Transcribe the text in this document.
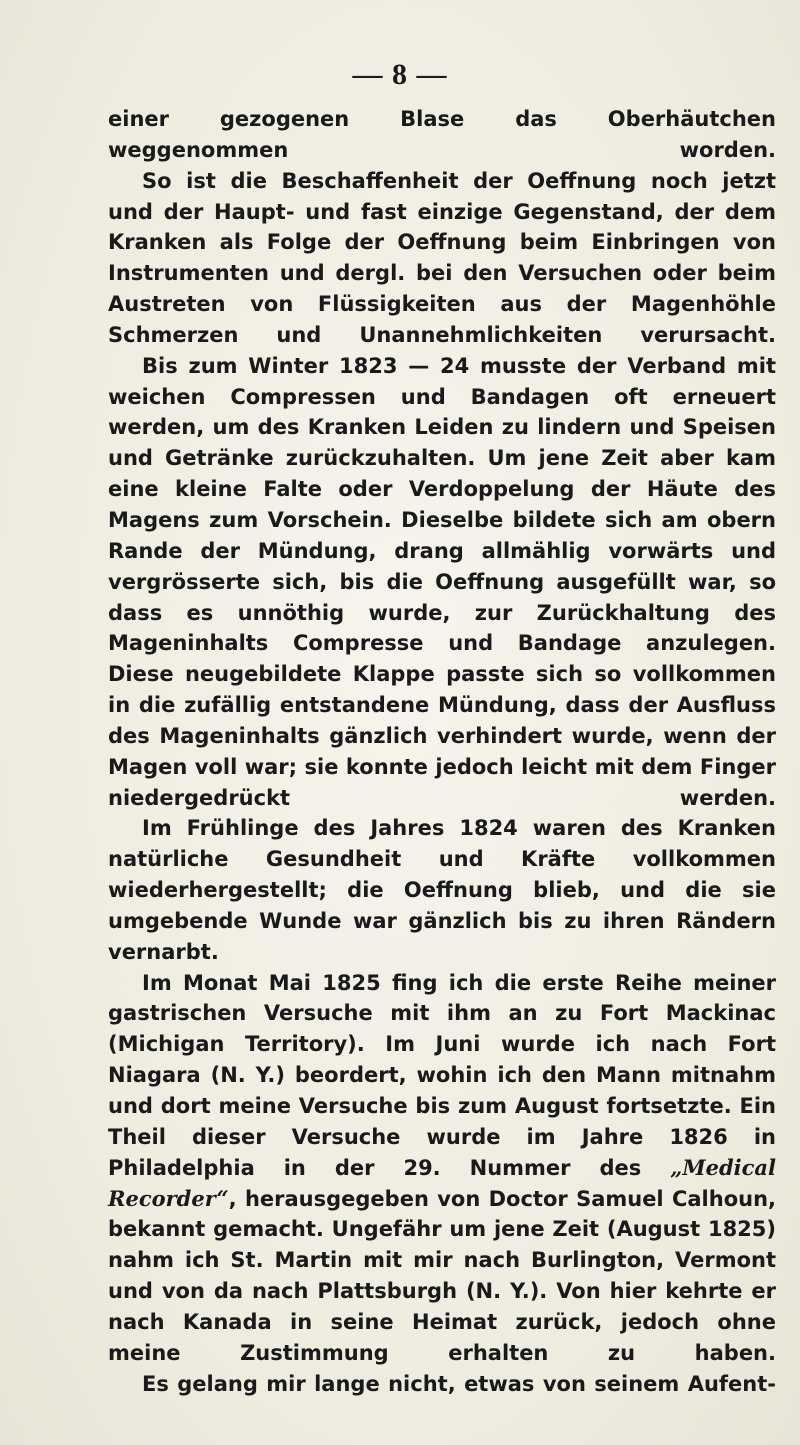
— 8 —

einer gezogenen Blase das Oberhäutchen weggenommen worden.

So ist die Beschaffenheit der Oeffnung noch jetzt und der Haupt- und fast einzige Gegenstand, der dem Kranken als Folge der Oeffnung beim Einbringen von Instrumenten und dergl. bei den Versuchen oder beim Austreten von Flüssigkeiten aus der Magenhöhle Schmerzen und Unannehmlichkeiten verursacht.

Bis zum Winter 1823 — 24 musste der Verband mit weichen Compressen und Bandagen oft erneuert werden, um des Kranken Leiden zu lindern und Speisen und Getränke zurückzuhalten. Um jene Zeit aber kam eine kleine Falte oder Verdoppelung der Häute des Magens zum Vorschein. Dieselbe bildete sich am obern Rande der Mündung, drang allmählig vorwärts und vergrösserte sich, bis die Oeffnung ausgefüllt war, so dass es unnöthig wurde, zur Zurückhaltung des Mageninhalts Compresse und Bandage anzulegen. Diese neugebildete Klappe passte sich so vollkommen in die zufällig entstandene Mündung, dass der Ausfluss des Mageninhalts gänzlich verhindert wurde, wenn der Magen voll war; sie konnte jedoch leicht mit dem Finger niedergedrückt werden.

Im Frühlinge des Jahres 1824 waren des Kranken natürliche Gesundheit und Kräfte vollkommen wiederhergestellt; die Oeffnung blieb, und die sie umgebende Wunde war gänzlich bis zu ihren Rändern vernarbt.

Im Monat Mai 1825 fing ich die erste Reihe meiner gastrischen Versuche mit ihm an zu Fort Mackinac (Michigan Territory). Im Juni wurde ich nach Fort Niagara (N. Y.) beordert, wohin ich den Mann mitnahm und dort meine Versuche bis zum August fortsetzte. Ein Theil dieser Versuche wurde im Jahre 1826 in Philadelphia in der 29. Nummer des „Medical Recorder“, herausgegeben von Doctor Samuel Calhoun, bekannt gemacht. Ungefähr um jene Zeit (August 1825) nahm ich St. Martin mit mir nach Burlington, Vermont und von da nach Plattsburgh (N. Y.). Von hier kehrte er nach Kanada in seine Heimat zurück, jedoch ohne meine Zustimmung erhalten zu haben.

Es gelang mir lange nicht, etwas von seinem Aufent-
